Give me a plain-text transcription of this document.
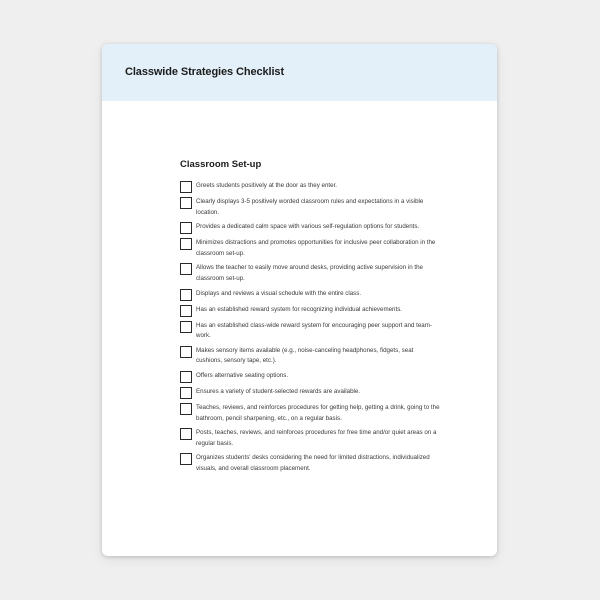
Classwide Strategies Checklist
Classroom Set-up
Greets students positively at the door as they enter.
Clearly displays 3-5 positively worded classroom rules and expectations in a visible location.
Provides a dedicated calm space with various self-regulation options for students.
Minimizes distractions and promotes opportunities for inclusive peer collaboration in the classroom set-up.
Allows the teacher to easily move around desks, providing active supervision in the classroom set-up.
Displays and reviews a visual schedule with the entire class.
Has an established reward system for recognizing individual achievements.
Has an established class-wide reward system for encouraging peer support and team-work.
Makes sensory items available (e.g., noise-canceling headphones, fidgets, seat cushions, sensory tape, etc.).
Offers alternative seating options.
Ensures a variety of student-selected rewards are available.
Teaches, reviews, and reinforces procedures for getting help, getting a drink, going to the bathroom, pencil sharpening, etc., on a regular basis.
Posts, teaches, reviews, and reinforces procedures for free time and/or quiet areas on a regular basis.
Organizes students' desks considering the need for limited distractions, individualized visuals, and overall classroom placement.
